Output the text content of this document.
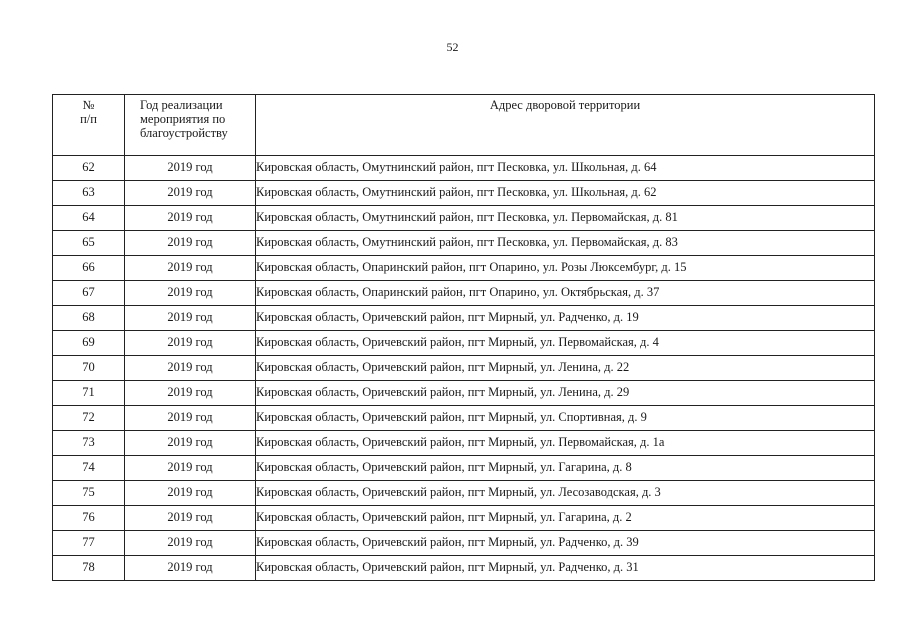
52
№ п/п	Год реализации мероприятия по благоустройству	Адрес дворовой территории
62	2019 год	Кировская область, Омутнинский район, пгт Песковка, ул. Школьная, д. 64
63	2019 год	Кировская область, Омутнинский район, пгт Песковка, ул. Школьная, д. 62
64	2019 год	Кировская область, Омутнинский район, пгт Песковка, ул. Первомайская, д. 81
65	2019 год	Кировская область, Омутнинский район, пгт Песковка, ул. Первомайская, д. 83
66	2019 год	Кировская область, Опаринский район, пгт Опарино, ул. Розы Люксембург, д. 15
67	2019 год	Кировская область, Опаринский район, пгт Опарино, ул. Октябрьская, д. 37
68	2019 год	Кировская область, Оричевский район, пгт Мирный, ул. Радченко, д. 19
69	2019 год	Кировская область, Оричевский район, пгт Мирный, ул. Первомайская, д. 4
70	2019 год	Кировская область, Оричевский район, пгт Мирный, ул. Ленина, д. 22
71	2019 год	Кировская область, Оричевский район, пгт Мирный, ул. Ленина, д. 29
72	2019 год	Кировская область, Оричевский район, пгт Мирный, ул. Спортивная, д. 9
73	2019 год	Кировская область, Оричевский район, пгт Мирный, ул. Первомайская, д. 1а
74	2019 год	Кировская область, Оричевский район, пгт Мирный, ул. Гагарина, д. 8
75	2019 год	Кировская область, Оричевский район, пгт Мирный, ул. Лесозаводская, д. 3
76	2019 год	Кировская область, Оричевский район, пгт Мирный, ул. Гагарина, д. 2
77	2019 год	Кировская область, Оричевский район, пгт Мирный, ул. Радченко, д. 39
78	2019 год	Кировская область, Оричевский район, пгт Мирный, ул. Радченко, д. 31
